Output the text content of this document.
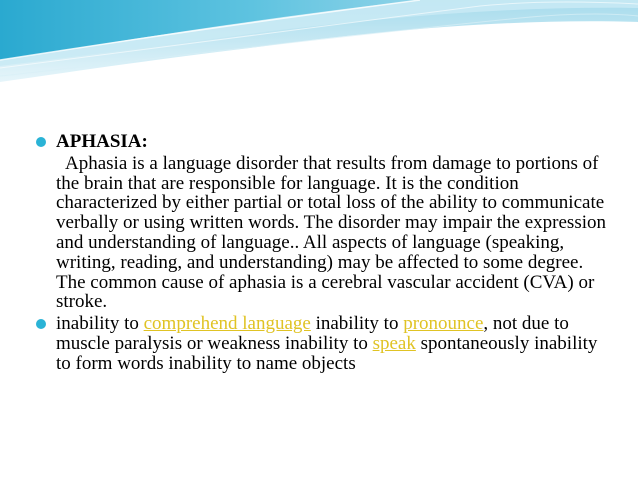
APHASIA:
Aphasia is a language disorder that results from damage to portions of the brain that are responsible for language. It is the condition characterized by either partial or total loss of the ability to communicate verbally or using written words. The disorder may impair the expression and understanding of language.. All aspects of language (speaking, writing, reading, and understanding) may be affected to some degree. The common cause of aphasia is a cerebral vascular accident (CVA) or stroke.
inability to comprehend language inability to pronounce, not due to muscle paralysis or weakness inability to speak spontaneously inability to form words inability to name objects
